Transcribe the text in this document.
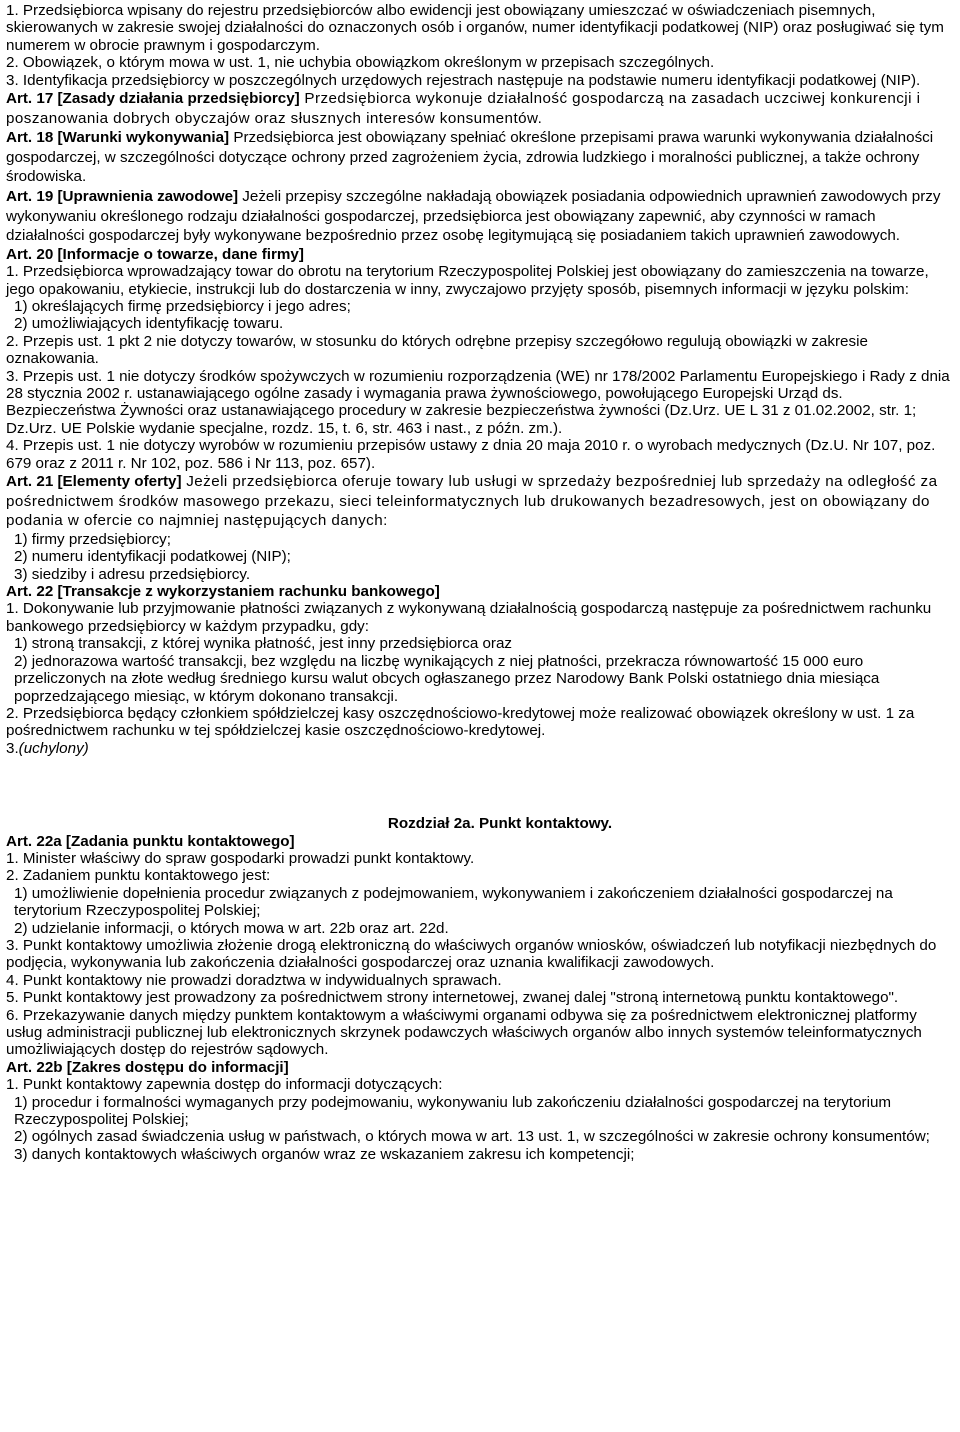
1. Przedsiębiorca wpisany do rejestru przedsiębiorców albo ewidencji jest obowiązany umieszczać w oświadczeniach pisemnych, skierowanych w zakresie swojej działalności do oznaczonych osób i organów, numer identyfikacji podatkowej (NIP) oraz posługiwać się tym numerem w obrocie prawnym i gospodarczym.

2. Obowiązek, o którym mowa w ust. 1, nie uchybia obowiązkom określonym w przepisach szczególnych.

3. Identyfikacja przedsiębiorcy w poszczególnych urzędowych rejestrach następuje na podstawie numeru identyfikacji podatkowej (NIP).

Art. 17 [Zasady działania przedsiębiorcy] Przedsiębiorca wykonuje działalność gospodarczą na zasadach uczciwej konkurencji i poszanowania dobrych obyczajów oraz słusznych interesów konsumentów.

Art. 18 [Warunki wykonywania] Przedsiębiorca jest obowiązany spełniać określone przepisami prawa warunki wykonywania działalności gospodarczej, w szczególności dotyczące ochrony przed zagrożeniem życia, zdrowia ludzkiego i moralności publicznej, a także ochrony środowiska.

Art. 19 [Uprawnienia zawodowe] Jeżeli przepisy szczególne nakładają obowiązek posiadania odpowiednich uprawnień zawodowych przy wykonywaniu określonego rodzaju działalności gospodarczej, przedsiębiorca jest obowiązany zapewnić, aby czynności w ramach działalności gospodarczej były wykonywane bezpośrednio przez osobę legitymującą się posiadaniem takich uprawnień zawodowych.

Art. 20 [Informacje o towarze, dane firmy]

1. Przedsiębiorca wprowadzający towar do obrotu na terytorium Rzeczypospolitej Polskiej jest obowiązany do zamieszczenia na towarze, jego opakowaniu, etykiecie, instrukcji lub do dostarczenia w inny, zwyczajowo przyjęty sposób, pisemnych informacji w języku polskim:

1) określających firmę przedsiębiorcy i jego adres;

2) umożliwiających identyfikację towaru.

2. Przepis ust. 1 pkt 2 nie dotyczy towarów, w stosunku do których odrębne przepisy szczegółowo regulują obowiązki w zakresie oznakowania.

3. Przepis ust. 1 nie dotyczy środków spożywczych w rozumieniu rozporządzenia (WE) nr 178/2002 Parlamentu Europejskiego i Rady z dnia 28 stycznia 2002 r. ustanawiającego ogólne zasady i wymagania prawa żywnościowego, powołującego Europejski Urząd ds. Bezpieczeństwa Żywności oraz ustanawiającego procedury w zakresie bezpieczeństwa żywności (Dz.Urz. UE L 31 z 01.02.2002, str. 1; Dz.Urz. UE Polskie wydanie specjalne, rozdz. 15, t. 6, str. 463 i nast., z późn. zm.).

4. Przepis ust. 1 nie dotyczy wyrobów w rozumieniu przepisów ustawy z dnia 20 maja 2010 r. o wyrobach medycznych (Dz.U. Nr 107, poz. 679 oraz z 2011 r. Nr 102, poz. 586 i Nr 113, poz. 657).

Art. 21 [Elementy oferty] Jeżeli przedsiębiorca oferuje towary lub usługi w sprzedaży bezpośredniej lub sprzedaży na odległość za pośrednictwem środków masowego przekazu, sieci teleinformatycznych lub drukowanych bezadresowych, jest on obowiązany do podania w ofercie co najmniej następujących danych:

1) firmy przedsiębiorcy;

2) numeru identyfikacji podatkowej (NIP);

3) siedziby i adresu przedsiębiorcy.

Art. 22 [Transakcje z wykorzystaniem rachunku bankowego]

1. Dokonywanie lub przyjmowanie płatności związanych z wykonywaną działalnością gospodarczą następuje za pośrednictwem rachunku bankowego przedsiębiorcy w każdym przypadku, gdy:

1) stroną transakcji, z której wynika płatność, jest inny przedsiębiorca oraz

2) jednorazowa wartość transakcji, bez względu na liczbę wynikających z niej płatności, przekracza równowartość 15 000 euro przeliczonych na złote według średniego kursu walut obcych ogłaszanego przez Narodowy Bank Polski ostatniego dnia miesiąca poprzedzającego miesiąc, w którym dokonano transakcji.

2. Przedsiębiorca będący członkiem spółdzielczej kasy oszczędnościowo-kredytowej może realizować obowiązek określony w ust. 1 za pośrednictwem rachunku w tej spółdzielczej kasie oszczędnościowo-kredytowej.

3.(uchylony)

Rozdział 2a. Punkt kontaktowy.

Art. 22a [Zadania punktu kontaktowego]

1. Minister właściwy do spraw gospodarki prowadzi punkt kontaktowy.

2. Zadaniem punktu kontaktowego jest:

1) umożliwienie dopełnienia procedur związanych z podejmowaniem, wykonywaniem i zakończeniem działalności gospodarczej na terytorium Rzeczypospolitej Polskiej;

2) udzielanie informacji, o których mowa w art. 22b oraz art. 22d.

3. Punkt kontaktowy umożliwia złożenie drogą elektroniczną do właściwych organów wniosków, oświadczeń lub notyfikacji niezbędnych do podjęcia, wykonywania lub zakończenia działalności gospodarczej oraz uznania kwalifikacji zawodowych.

4. Punkt kontaktowy nie prowadzi doradztwa w indywidualnych sprawach.

5. Punkt kontaktowy jest prowadzony za pośrednictwem strony internetowej, zwanej dalej "stroną internetową punktu kontaktowego".

6. Przekazywanie danych między punktem kontaktowym a właściwymi organami odbywa się za pośrednictwem elektronicznej platformy usług administracji publicznej lub elektronicznych skrzynek podawczych właściwych organów albo innych systemów teleinformatycznych umożliwiających dostęp do rejestrów sądowych.

Art. 22b [Zakres dostępu do informacji]

1. Punkt kontaktowy zapewnia dostęp do informacji dotyczących:

1) procedur i formalności wymaganych przy podejmowaniu, wykonywaniu lub zakończeniu działalności gospodarczej na terytorium Rzeczypospolitej Polskiej;

2) ogólnych zasad świadczenia usług w państwach, o których mowa w art. 13 ust. 1, w szczególności w zakresie ochrony konsumentów;

3) danych kontaktowych właściwych organów wraz ze wskazaniem zakresu ich kompetencji;
